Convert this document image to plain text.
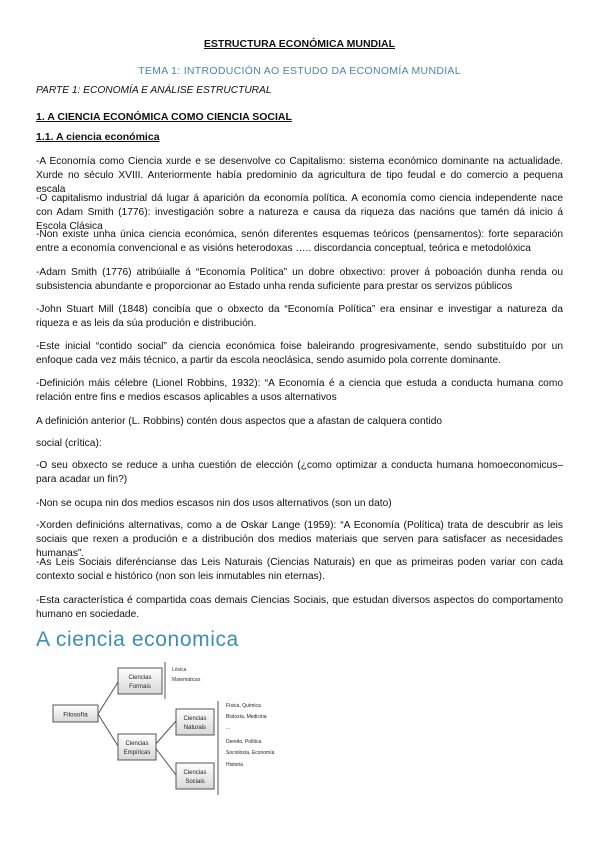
ESTRUCTURA ECONÓMICA MUNDIAL
TEMA 1: INTRODUCIÓN AO ESTUDO DA ECONOMÍA MUNDIAL
PARTE 1: ECONOMÍA E ANÁLISE ESTRUCTURAL
1. A CIENCIA ECONÓMICA COMO CIENCIA SOCIAL
1.1. A ciencia económica
-A Economía como Ciencia xurde e se desenvolve co Capitalismo: sistema económico dominante na actualidade. Xurde no século XVIII. Anteriormente había predominio da agricultura de tipo feudal e do comercio a pequena escala
-O capitalismo industrial dá lugar á aparición da economía política. A economía como ciencia independente nace con Adam Smith (1776): investigación sobre a natureza e causa da riqueza das nacións que tamén dá inicio á Escola Clásica
-Non existe unha única ciencia económica, senón diferentes esquemas teóricos (pensamentos): forte separación entre a economía convencional e as visións heterodoxas ….. discordancia conceptual, teórica e metodolóxica
-Adam Smith (1776) atribúialle á “Economía Política” un dobre obxectivo: prover á poboación dunha renda ou subsistencia abundante e proporcionar ao Estado unha renda suficiente para prestar os servizos públicos
-John Stuart Mill (1848) concibía que o obxecto da “Economía Política” era ensinar e investigar a natureza da riqueza e as leis da súa produción e distribución.
-Este inicial “contido social” da ciencia económica foise baleirando progresivamente, sendo substituído por un enfoque cada vez máis técnico, a partir da escola neoclásica, sendo asumido pola corrente dominante.
-Definición máis célebre (Lionel Robbins, 1932): “A Economía é a ciencia que estuda a conducta humana como relación entre fins e medios escasos aplicables a usos alternativos
A definición anterior (L. Robbins) contén dous aspectos que a afastan de calquera contido
social (crítica):
-O seu obxecto se reduce a unha cuestión de elección (¿como optimizar a conducta humana homoeconomicus– para acadar un fin?)
-Non se ocupa nin dos medios escasos nin dos usos alternativos (son un dato)
-Xorden definicións alternativas, como a de Oskar Lange (1959): “A Economía (Política) trata de descubrir as leis sociais que rexen a produción e a distribución dos medios materiais que serven para satisfacer as necesidades humanas”.
-As Leis Sociais diferéncianse das Leis Naturais (Ciencias Naturais) en que as primeiras poden variar con cada contexto social e histórico (non son leis inmutables nin eternas).
-Esta característica é compartida coas demais Ciencias Sociais, que estudan diversos aspectos do comportamento humano en sociedade.
A ciencia economica
Filosofía
Ciencias
Formais
Lóxica
Matemáticas
Ciencias
Empíricas
Ciencias
Naturais
Física, Química
Bioloxía, Medicina
...
Ciencias
Sociais
Dereito, Política
Socioloxía, Economía
Historia
